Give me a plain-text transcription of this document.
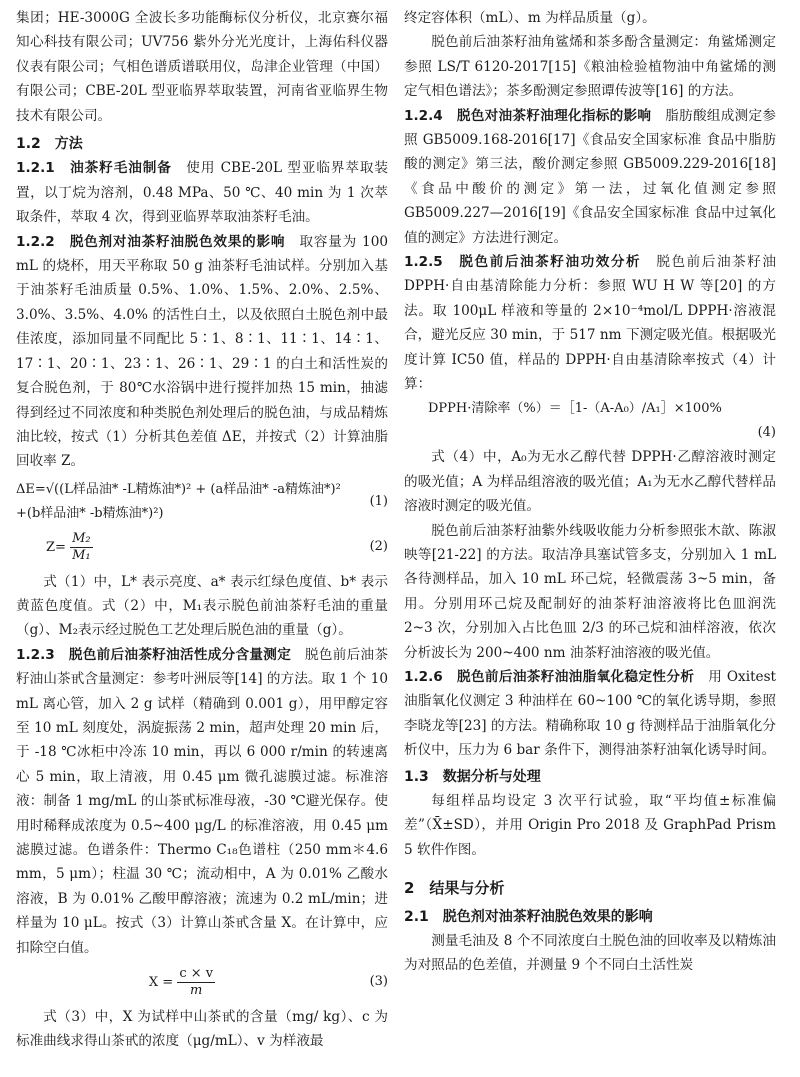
集团；HE-3000G 全波长多功能酶标仪分析仪，北京赛尔福知心科技有限公司；UV756 紫外分光光度计，上海佑科仪器仪表有限公司；气相色谱质谱联用仪，岛津企业管理（中国）有限公司；CBE-20L 型亚临界萃取装置，河南省亚临界生物技术有限公司。

1.2　方法

1.2.1　油茶籽毛油制备　 使用 CBE-20L 型亚临界萃取装置，以丁烷为溶剂，0.48 MPa、50 ℃、40 min 为 1 次萃取条件，萃取 4 次，得到亚临界萃取油茶籽毛油。

1.2.2　脱色剂对油茶籽油脱色效果的影响　 取容量为 100 mL 的烧杯，用天平称取 50 g 油茶籽毛油试样。分别加入基于油茶籽毛油质量 0.5%、1.0%、1.5%、2.0%、2.5%、3.0%、3.5%、4.0% 的活性白土，以及依照白土脱色剂中最佳浓度，添加同量不同配比 5∶1、8∶1、11∶1、14∶1、17∶1、20∶1、23∶1、26∶1、29∶1 的白土和活性炭的复合脱色剂，于 80℃水浴锅中进行搅拌加热 15 min，抽滤得到经过不同浓度和种类脱色剂处理后的脱色油，与成品精炼油比较，按式（1）分析其色差值 ΔE，并按式（2）计算油脂回收率 Z。

ΔE=√((L样品油* -L精炼油*)² + (a样品油* -a精炼油*)²
+(b样品油* -b精炼油*)²)
(1)
$Z= \frac{\text{M₂}}{\text{M₁}}$	(2)

式（1）中，L* 表示亮度、a* 表示红绿色度值、b* 表示黄蓝色度值。式（2）中，M₁表示脱色前油茶籽毛油的重量（g）、M₂表示经过脱色工艺处理后脱色油的重量（g）。

1.2.3　脱色前后油茶籽油活性成分含量测定　 脱色前后油茶籽油山茶甙含量测定：参考叶洲辰等[14] 的方法。取 1 个 10 mL 离心管，加入 2 g 试样（精确到 0.001 g），用甲醇定容至 10 mL 刻度处，涡旋振荡 2 min，超声处理 20 min 后，于 -18 ℃冰柜中冷冻 10 min，再以 6 000 r/min 的转速离心 5 min，取上清液，用 0.45 μm 微孔滤膜过滤。标准溶液：制备 1 mg/mL 的山茶甙标准母液，-30 ℃避光保存。使用时稀释成浓度为 0.5~400 μg/L 的标准溶液，用 0.45 μm 滤膜过滤。色谱条件：Thermo C₁₈色谱柱（250 mm＊4.6 mm，5 μm）；柱温 30 ℃；流动相中，A 为 0.01% 乙酸水溶液，B 为 0.01% 乙酸甲醇溶液；流速为 0.2 mL/min；进样量为 10 μL。按式（3）计算山茶甙含量 X。在计算中，应扣除空白值。

$X = \frac{c \times v}{m}$	(3)

式（3）中，X 为试样中山茶甙的含量（mg/ kg）、c 为标准曲线求得山茶甙的浓度（μg/mL）、v 为样液最

终定容体积（mL）、m 为样品质量（g）。

脱色前后油茶籽油角鲨烯和茶多酚含量测定：角鲨烯测定参照 LS/T 6120-2017[15]《粮油检验植物油中角鲨烯的测定气相色谱法》；茶多酚测定参照谭传波等[16] 的方法。

1.2.4　脱色对油茶籽油理化指标的影响　 脂肪酸组成测定参照 GB5009.168-2016[17]《食品安全国家标准 食品中脂肪酸的测定》第三法，酸价测定参照 GB5009.229-2016[18]《食品中酸价的测定》第一法，过氧化值测定参照 GB5009.227—2016[19]《食品安全国家标准 食品中过氧化值的测定》方法进行测定。

1.2.5　脱色前后油茶籽油功效分析　 脱色前后油茶籽油 DPPH·自由基清除能力分析：参照 WU H W 等[20] 的方法。取 100μL 样液和等量的 2×10⁻⁴mol/L DPPH·溶液混合，避光反应 30 min，于 517 nm 下测定吸光值。根据吸光度计算 IC50 值，样品的 DPPH·自由基清除率按式（4）计算：

DPPH·清除率（%）＝［1-（A-A₀）/A₁］×100%
(4)

式（4）中，A₀为无水乙醇代替 DPPH·乙醇溶液时测定的吸光值；A 为样品组溶液的吸光值；A₁为无水乙醇代替样品溶液时测定的吸光值。

脱色前后油茶籽油紫外线吸收能力分析参照张木歆、陈淑映等[21-22] 的方法。取洁净具塞试管多支，分别加入 1 mL 各待测样品，加入 10 mL 环己烷，轻微震荡 3~5 min，备用。分别用环己烷及配制好的油茶籽油溶液将比色皿润洗 2~3 次，分别加入占比色皿 2/3 的环己烷和油样溶液，依次分析波长为 200~400 nm 油茶籽油溶液的吸光值。

1.2.6　脱色前后油茶籽油油脂氧化稳定性分析　 用 Oxitest 油脂氧化仪测定 3 种油样在 60~100 ℃的氧化诱导期，参照李晓龙等[23] 的方法。精确称取 10 g 待测样品于油脂氧化分析仪中，压力为 6 bar 条件下，测得油茶籽油氧化诱导时间。

1.3　数据分析与处理

每组样品均设定 3 次平行试验，取“平均值±标准偏差”（X̄±SD），并用 Origin Pro 2018 及 GraphPad Prism 5 软件作图。

2　结果与分析

2.1　脱色剂对油茶籽油脱色效果的影响

测量毛油及 8 个不同浓度白土脱色油的回收率及以精炼油为对照品的色差值，并测量 9 个不同白土活性炭
